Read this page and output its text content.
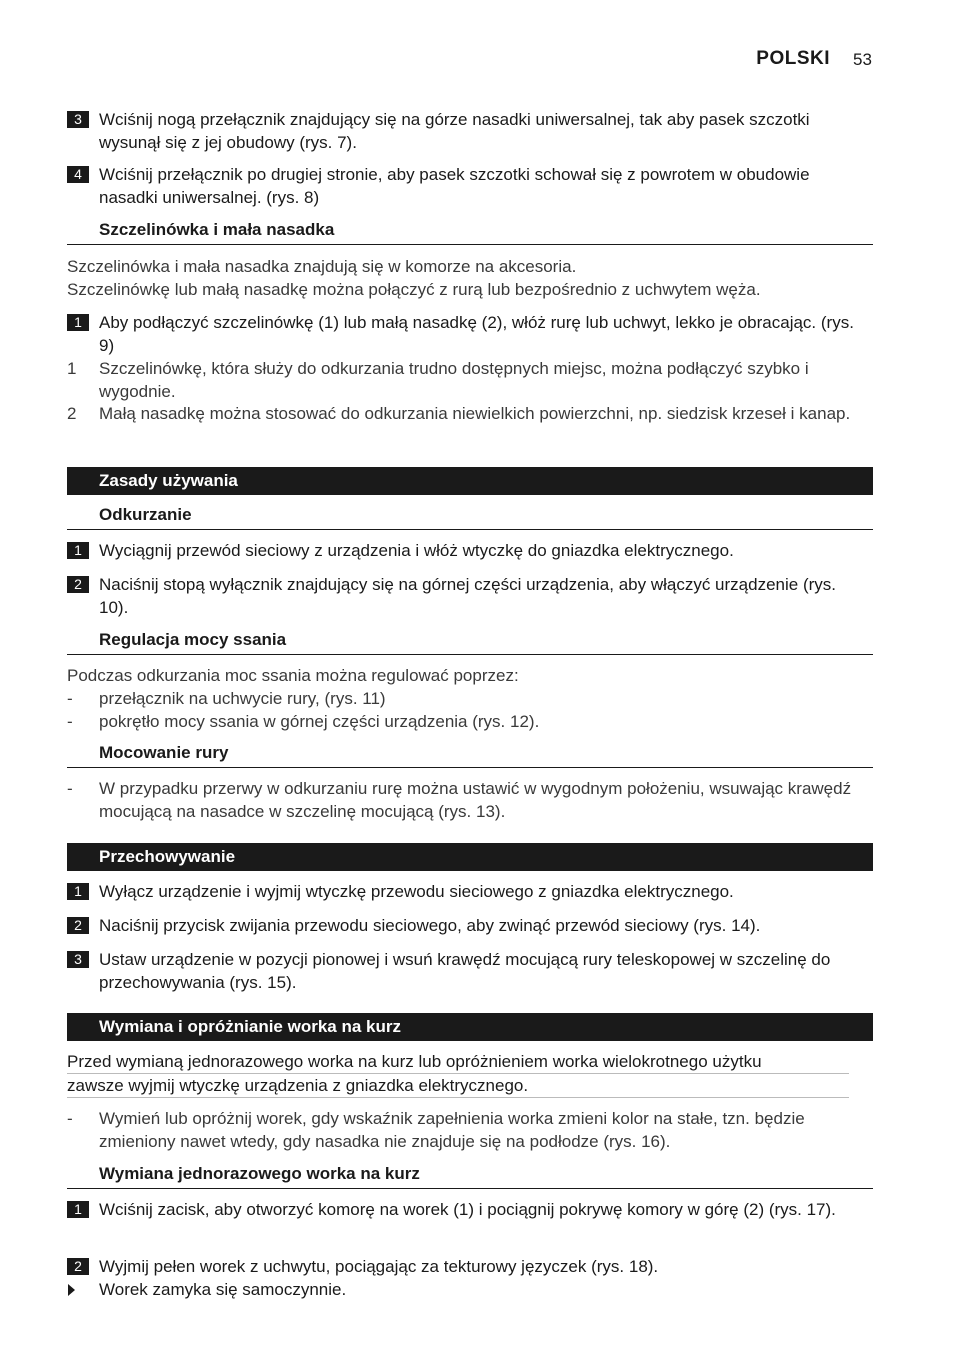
POLSKI 53
3	Wciśnij nogą przełącznik znajdujący się na górze nasadki uniwersalnej, tak aby pasek szczotki wysunął się z jej obudowy (rys. 7).
4	Wciśnij przełącznik po drugiej stronie, aby pasek szczotki schował się z powrotem w obudowie nasadki uniwersalnej. (rys. 8)
Szczelinówka i mała nasadka
Szczelinówka i mała nasadka znajdują się w komorze na akcesoria.
Szczelinówkę lub małą nasadkę można połączyć z rurą lub bezpośrednio z uchwytem węża.
1	Aby podłączyć szczelinówkę (1) lub małą nasadkę (2), włóż rurę lub uchwyt, lekko je obracając. (rys. 9)
1 Szczelinówkę, która służy do odkurzania trudno dostępnych miejsc, można podłączyć szybko i wygodnie.
2 Małą nasadkę można stosować do odkurzania niewielkich powierzchni, np. siedzisk krzeseł i kanap.
Zasady używania
Odkurzanie
1	Wyciągnij przewód sieciowy z urządzenia i włóż wtyczkę do gniazdka elektrycznego.
2	Naciśnij stopą wyłącznik znajdujący się na górnej części urządzenia, aby włączyć urządzenie (rys. 10).
Regulacja mocy ssania
Podczas odkurzania moc ssania można regulować poprzez:
- przełącznik na uchwycie rury, (rys. 11)
- pokrętło mocy ssania w górnej części urządzenia (rys. 12).
Mocowanie rury
- W przypadku przerwy w odkurzaniu rurę można ustawić w wygodnym położeniu, wsuwając krawędź mocującą na nasadce w szczelinę mocującą (rys. 13).
Przechowywanie
1	Wyłącz urządzenie i wyjmij wtyczkę przewodu sieciowego z gniazdka elektrycznego.
2	Naciśnij przycisk zwijania przewodu sieciowego, aby zwinąć przewód sieciowy (rys. 14).
3	Ustaw urządzenie w pozycji pionowej i wsuń krawędź mocującą rury teleskopowej w szczelinę do przechowywania (rys. 15).
Wymiana i opróżnianie worka na kurz
Przed wymianą jednorazowego worka na kurz lub opróżnieniem worka wielokrotnego użytku
zawsze wyjmij wtyczkę urządzenia z gniazdka elektrycznego.
- Wymień lub opróżnij worek, gdy wskaźnik zapełnienia worka zmieni kolor na stałe, tzn. będzie zmieniony nawet wtedy, gdy nasadka nie znajduje się na podłodze (rys. 16).
Wymiana jednorazowego worka na kurz
1	Wciśnij zacisk, aby otworzyć komorę na worek (1) i pociągnij pokrywę komory w górę (2) (rys. 17).
2	Wyjmij pełen worek z uchwytu, pociągając za tekturowy języczek (rys. 18).
Worek zamyka się samoczynnie.
